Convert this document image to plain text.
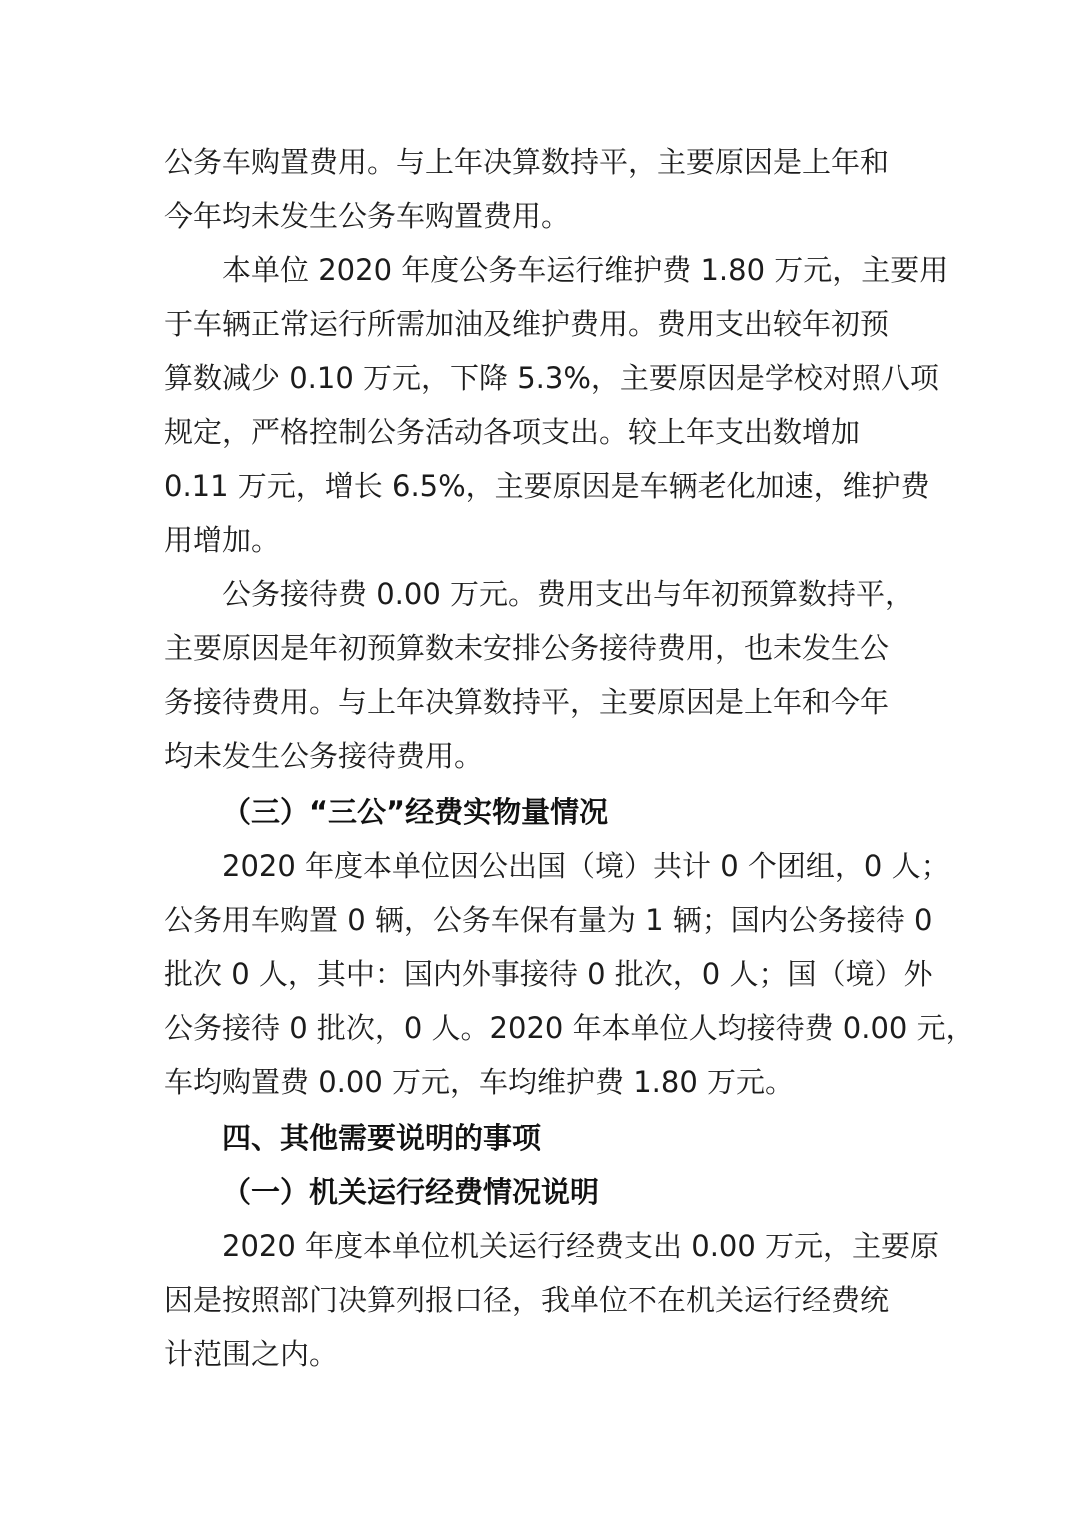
公务车购置费用。与上年决算数持平，主要原因是上年和
今年均未发生公务车购置费用。
本单位 2020 年度公务车运行维护费 1.80 万元，主要用
于车辆正常运行所需加油及维护费用。费用支出较年初预
算数减少 0.10 万元，下降 5.3%，主要原因是学校对照八项
规定，严格控制公务活动各项支出。较上年支出数增加
0.11 万元，增长 6.5%，主要原因是车辆老化加速，维护费
用增加。
公务接待费 0.00 万元。费用支出与年初预算数持平，
主要原因是年初预算数未安排公务接待费用，也未发生公
务接待费用。与上年决算数持平，主要原因是上年和今年
均未发生公务接待费用。
（三）“三公”经费实物量情况
2020 年度本单位因公出国（境）共计 0 个团组，0 人；
公务用车购置 0 辆，公务车保有量为 1 辆；国内公务接待 0
批次 0 人，其中：国内外事接待 0 批次，0 人；国（境）外
公务接待 0 批次，0 人。2020 年本单位人均接待费 0.00 元，
车均购置费 0.00 万元，车均维护费 1.80 万元。
四、其他需要说明的事项
（一）机关运行经费情况说明
2020 年度本单位机关运行经费支出 0.00 万元，主要原
因是按照部门决算列报口径，我单位不在机关运行经费统
计范围之内。
